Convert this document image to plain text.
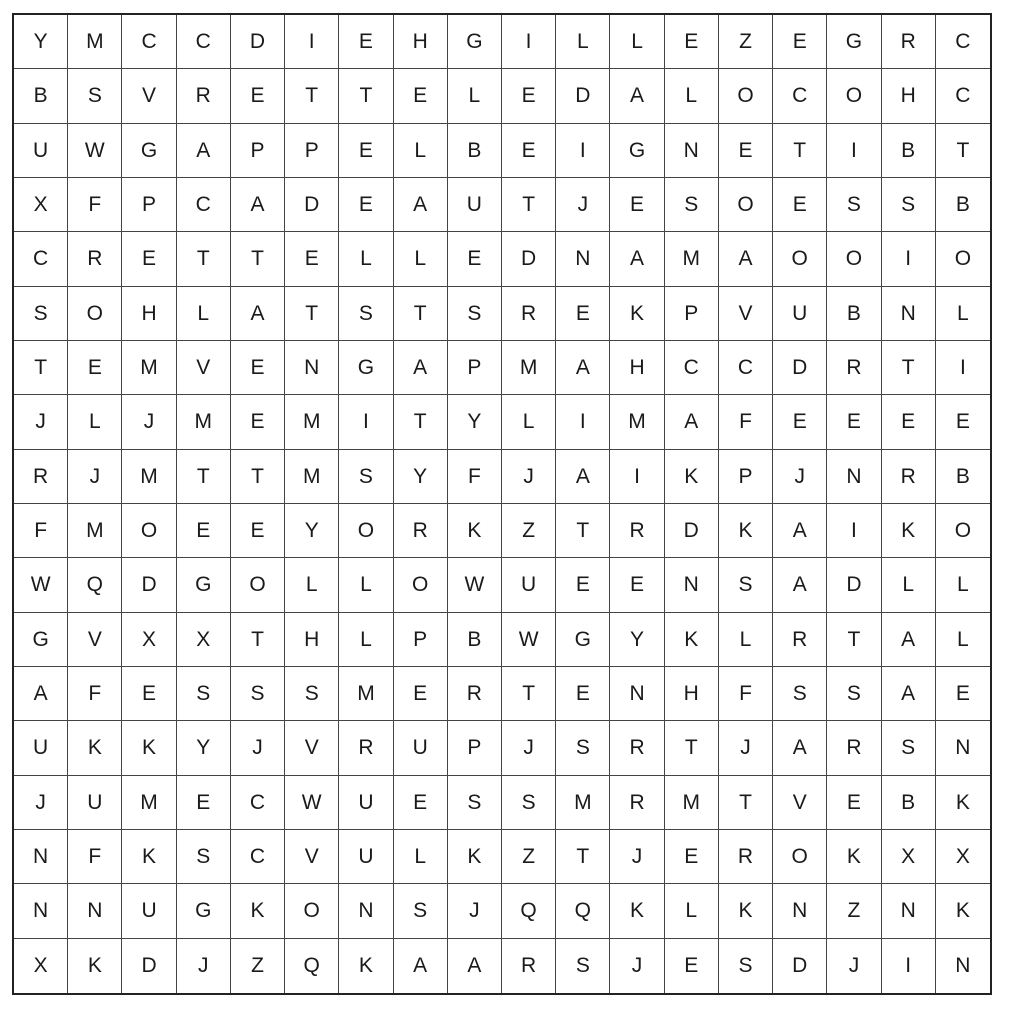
Y	M	C	C	D	I	E	H	G	I	L	L	E	Z	E	G	R	C
B	S	V	R	E	T	T	E	L	E	D	A	L	O	C	O	H	C
U	W	G	A	P	P	E	L	B	E	I	G	N	E	T	I	B	T
X	F	P	C	A	D	E	A	U	T	J	E	S	O	E	S	S	B
C	R	E	T	T	E	L	L	E	D	N	A	M	A	O	O	I	O
S	O	H	L	A	T	S	T	S	R	E	K	P	V	U	B	N	L
T	E	M	V	E	N	G	A	P	M	A	H	C	C	D	R	T	I
J	L	J	M	E	M	I	T	Y	L	I	M	A	F	E	E	E	E
R	J	M	T	T	M	S	Y	F	J	A	I	K	P	J	N	R	B
F	M	O	E	E	Y	O	R	K	Z	T	R	D	K	A	I	K	O
W	Q	D	G	O	L	L	O	W	U	E	E	N	S	A	D	L	L
G	V	X	X	T	H	L	P	B	W	G	Y	K	L	R	T	A	L
A	F	E	S	S	S	M	E	R	T	E	N	H	F	S	S	A	E
U	K	K	Y	J	V	R	U	P	J	S	R	T	J	A	R	S	N
J	U	M	E	C	W	U	E	S	S	M	R	M	T	V	E	B	K
N	F	K	S	C	V	U	L	K	Z	T	J	E	R	O	K	X	X
N	N	U	G	K	O	N	S	J	Q	Q	K	L	K	N	Z	N	K
X	K	D	J	Z	Q	K	A	A	R	S	J	E	S	D	J	I	N
